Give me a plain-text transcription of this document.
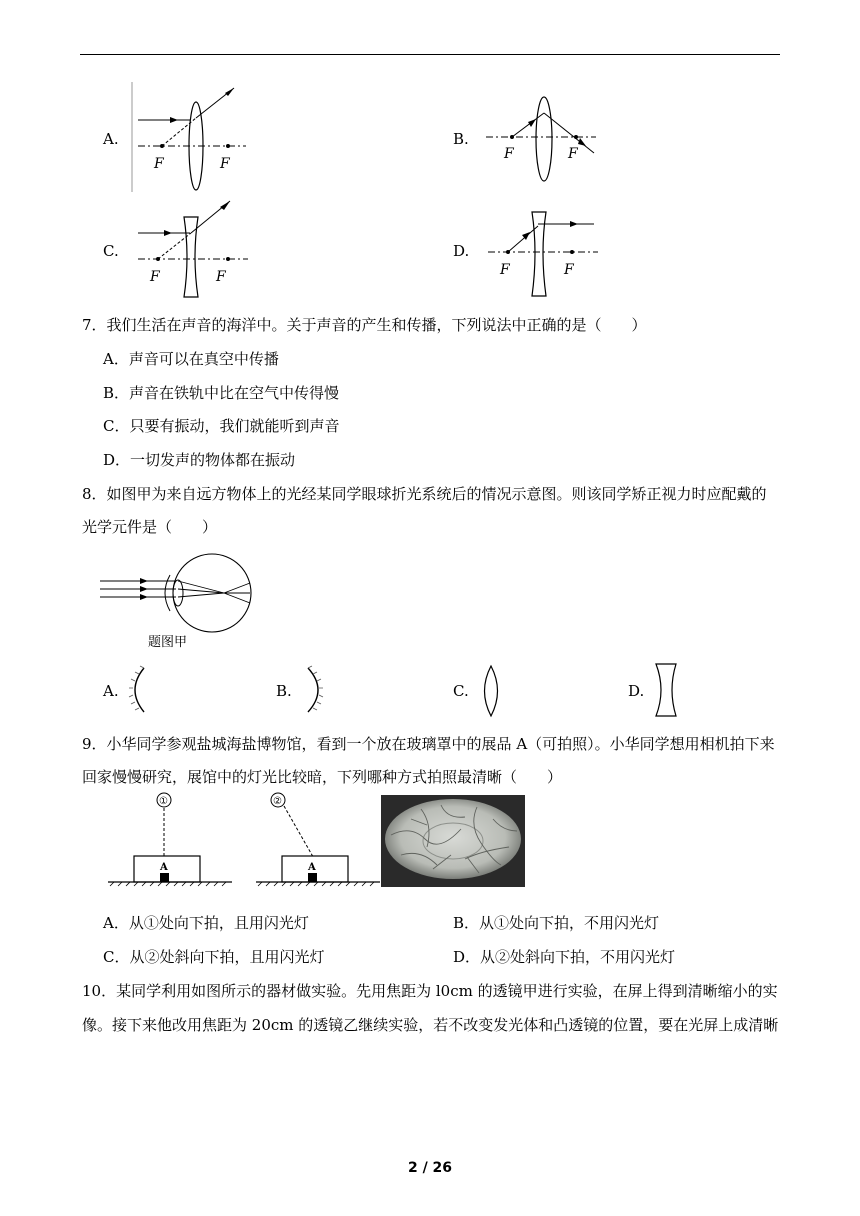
A.	B.
C.	D.
F	F
F	F
F	F	F	F
7．我们生活在声音的海洋中。关于声音的产生和传播，下列说法中正确的是（　　）
A．声音可以在真空中传播
B．声音在铁轨中比在空气中传得慢
C．只要有振动，我们就能听到声音
D．一切发声的物体都在振动
8．如图甲为来自远方物体上的光经某同学眼球折光系统后的情况示意图。则该同学矫正视力时应配戴的
光学元件是（　　）
题图甲
A.	B.	C.	D.
9．小华同学参观盐城海盐博物馆，看到一个放在玻璃罩中的展品 A（可拍照）。小华同学想用相机拍下来
回家慢慢研究，展馆中的灯光比较暗，下列哪种方式拍照最清晰（　　）
①
A
②
A
A．从①处向下拍，且用闪光灯	B．从①处向下拍，不用闪光灯
C．从②处斜向下拍，且用闪光灯	D．从②处斜向下拍，不用闪光灯
10．某同学利用如图所示的器材做实验。先用焦距为 l0cm 的透镜甲进行实验，在屏上得到清晰缩小的实
像。接下来他改用焦距为 20cm 的透镜乙继续实验，若不改变发光体和凸透镜的位置，要在光屏上成清晰
2 / 26
